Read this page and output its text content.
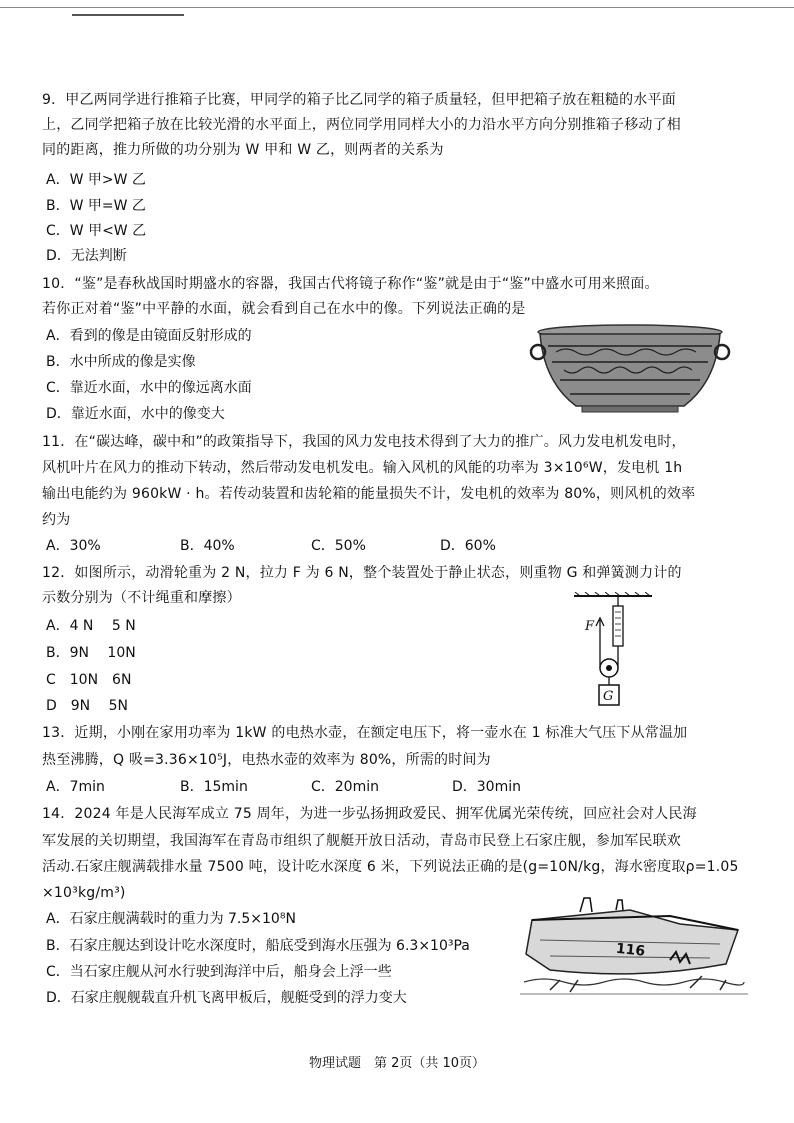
9．甲乙两同学进行推箱子比赛，甲同学的箱子比乙同学的箱子质量轻，但甲把箱子放在粗糙的水平面
上，乙同学把箱子放在比较光滑的水平面上，两位同学用同样大小的力沿水平方向分别推箱子移动了相
同的距离，推力所做的功分别为 W 甲和 W 乙，则两者的关系为
A．W 甲>W 乙
B．W 甲=W 乙
C．W 甲<W 乙
D．无法判断
10．“鉴”是春秋战国时期盛水的容器，我国古代将镜子称作“鉴”就是由于“鉴”中盛水可用来照面。
若你正对着“鉴”中平静的水面，就会看到自己在水中的像。下列说法正确的是
A．看到的像是由镜面反射形成的
B．水中所成的像是实像
C．靠近水面，水中的像远离水面
D．靠近水面，水中的像变大
11．在“碳达峰，碳中和”的政策指导下，我国的风力发电技术得到了大力的推广。风力发电机发电时，
风机叶片在风力的推动下转动，然后带动发电机发电。输入风机的风能的功率为 3×10⁶W，发电机 1h
输出电能约为 960kW · h。若传动装置和齿轮箱的能量损失不计，发电机的效率为 80%，则风机的效率
约为
A．30%	B．40%	C．50%	D．60%
12．如图所示，动滑轮重为 2 N，拉力 F 为 6 N，整个装置处于静止状态，则重物 G 和弹簧测力计的
示数分别为（不计绳重和摩擦）
A．4 N　 5 N
B．9N　 10N
C　10N　6N
D　9N　 5N
F
G
13．近期，小刚在家用功率为 1kW 的电热水壶，在额定电压下，将一壶水在 1 标准大气压下从常温加
热至沸腾，Q 吸=3.36×10⁵J，电热水壶的效率为 80%，所需的时间为
A．7min	B．15min	C．20min	D．30min
14．2024 年是人民海军成立 75 周年，为进一步弘扬拥政爱民、拥军优属光荣传统，回应社会对人民海
军发展的关切期望，我国海军在青岛市组织了舰艇开放日活动，青岛市民登上石家庄舰，参加军民联欢
活动.石家庄舰满载排水量 7500 吨，设计吃水深度 6 米，下列说法正确的是(g=10N/kg，海水密度取ρ=1.05
×10³kg/m³)
A．石家庄舰满载时的重力为 7.5×10⁸N
B．石家庄舰达到设计吃水深度时，船底受到海水压强为 6.3×10³Pa
C．当石家庄舰从河水行驶到海洋中后，船身会上浮一些
D．石家庄舰舰载直升机飞离甲板后，舰艇受到的浮力变大
116
物理试题　第 2页（共 10页）
